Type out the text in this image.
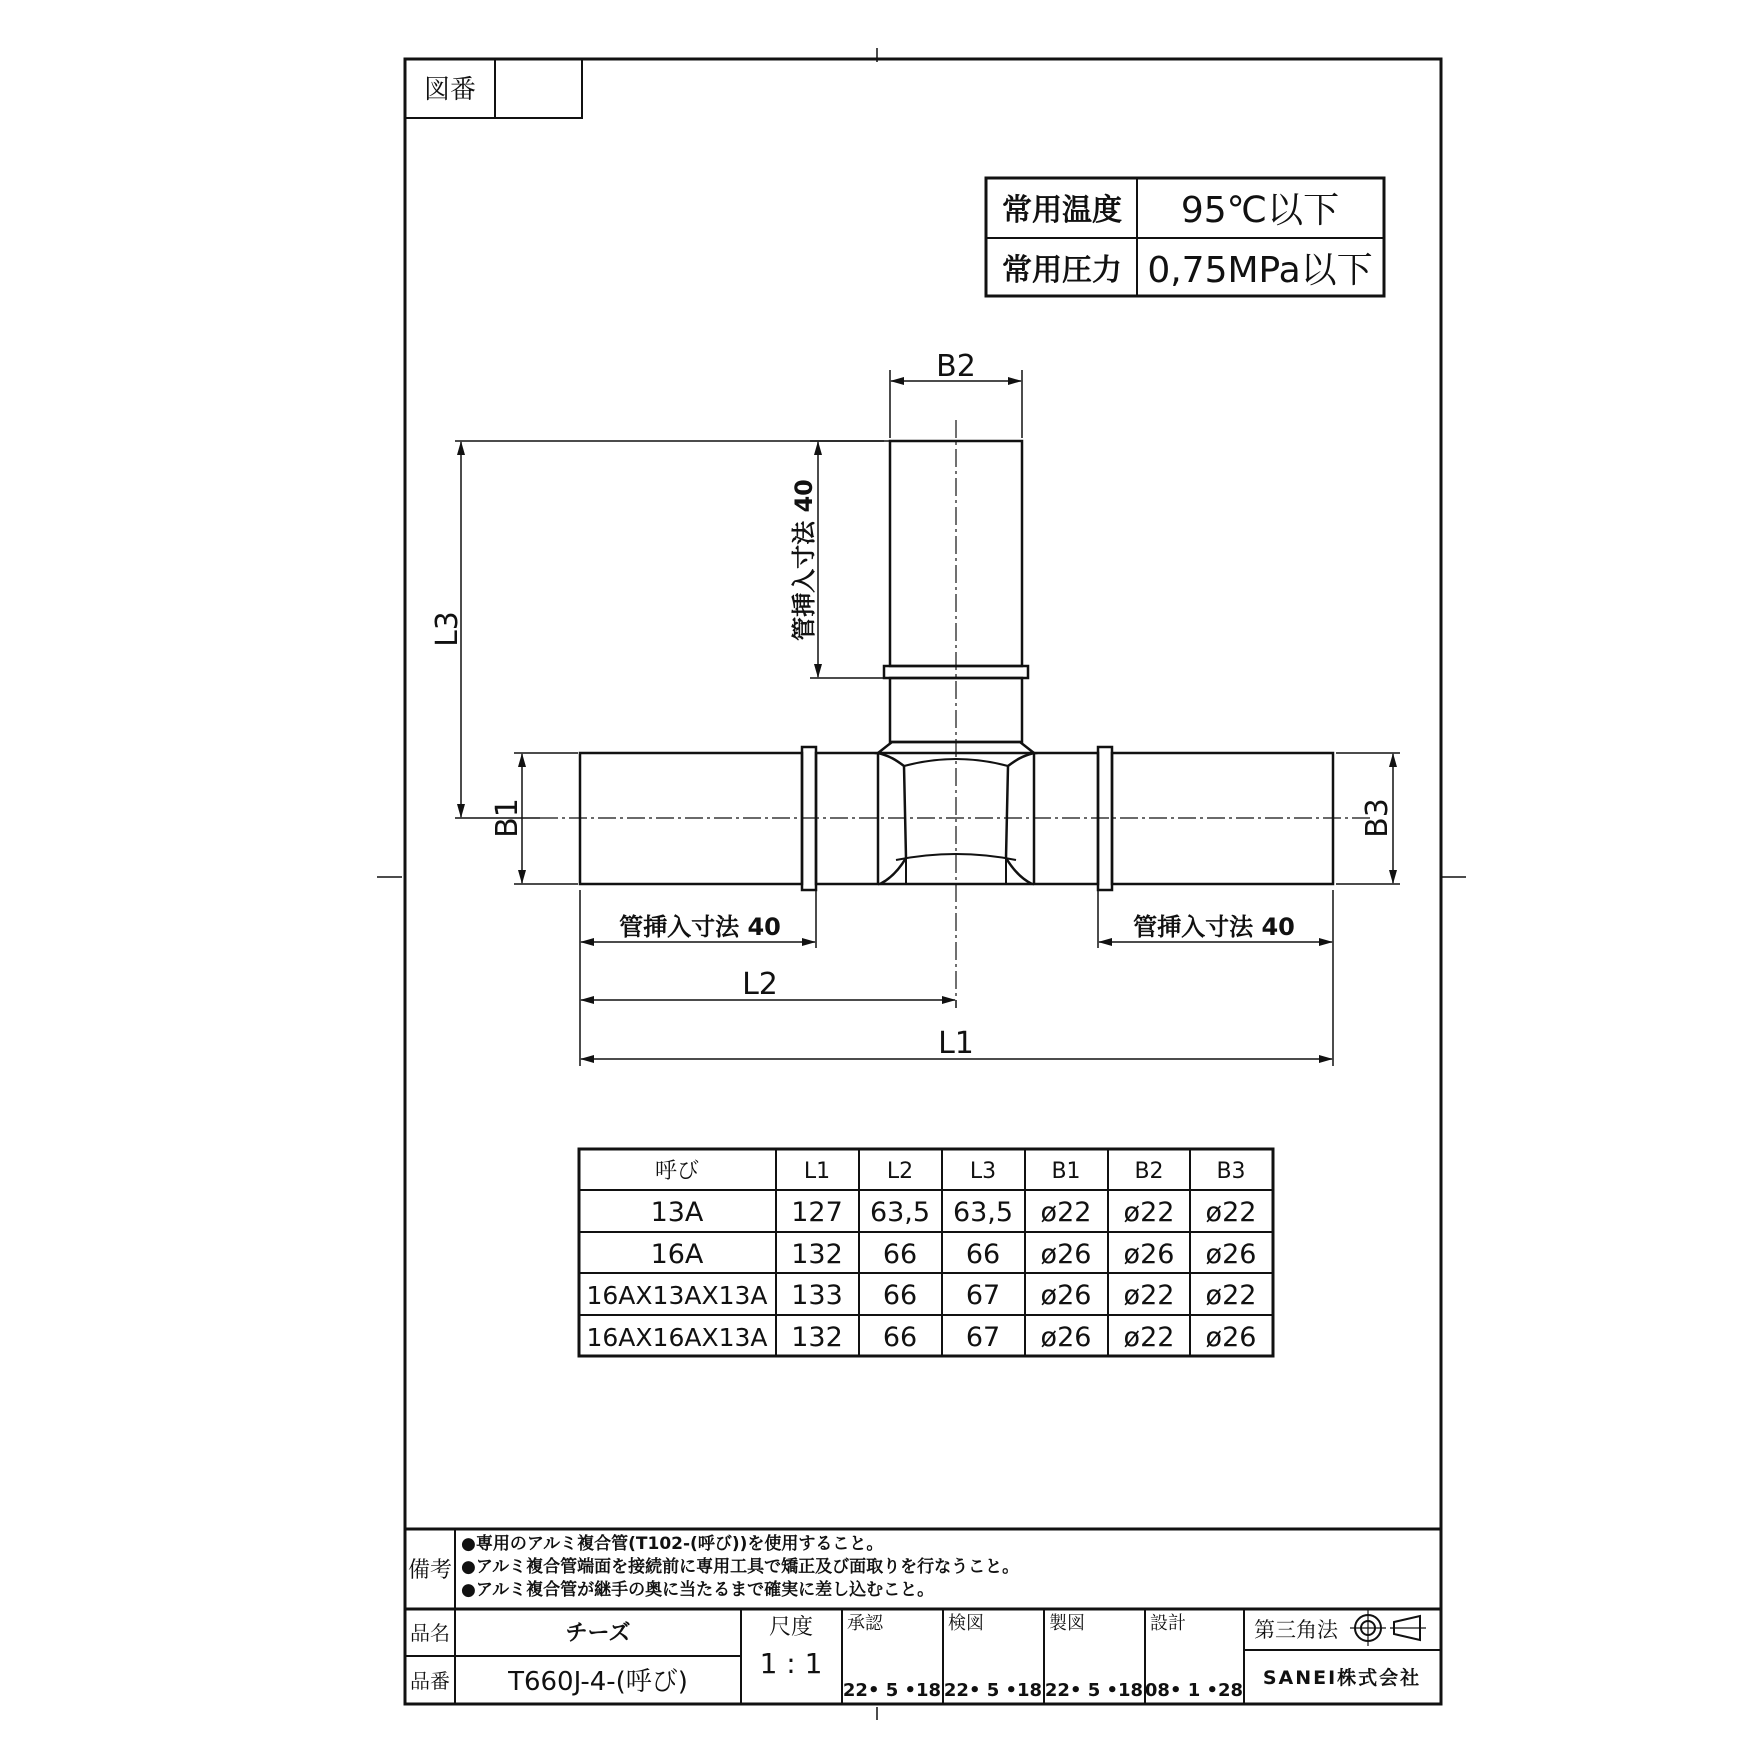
図番
常用温度 95℃以下
常用圧力 0,75MPa以下
B2
L3
B1	B3
管挿入寸法 40
管挿入寸法 40	管挿入寸法 40
L2
L1
呼び	L1	L2	L3	B1 B2 B3
13A	127 63,5 63,5 ø22 ø22 ø22
16A	132 66 66 ø26 ø26 ø26
16AX13AX13A 133 66 67 ø26 ø22 ø22
16AX16AX13A 132 66 67 ø26 ø22 ø26
備考
●専用のアルミ複合管(T102-(呼び))を使用すること。
●アルミ複合管端面を接続前に専用工具で矯正及び面取りを行なうこと。
●アルミ複合管が継手の奥に当たるまで確実に差し込むこと。
品名	チーズ
品番 T660J-4-(呼び)
尺度
1 : 1
承認
22• 5 •18
検図
22• 5 •18
製図
22• 5 •18
設計
08• 1 •28
第三角法
SANEI株式会社
